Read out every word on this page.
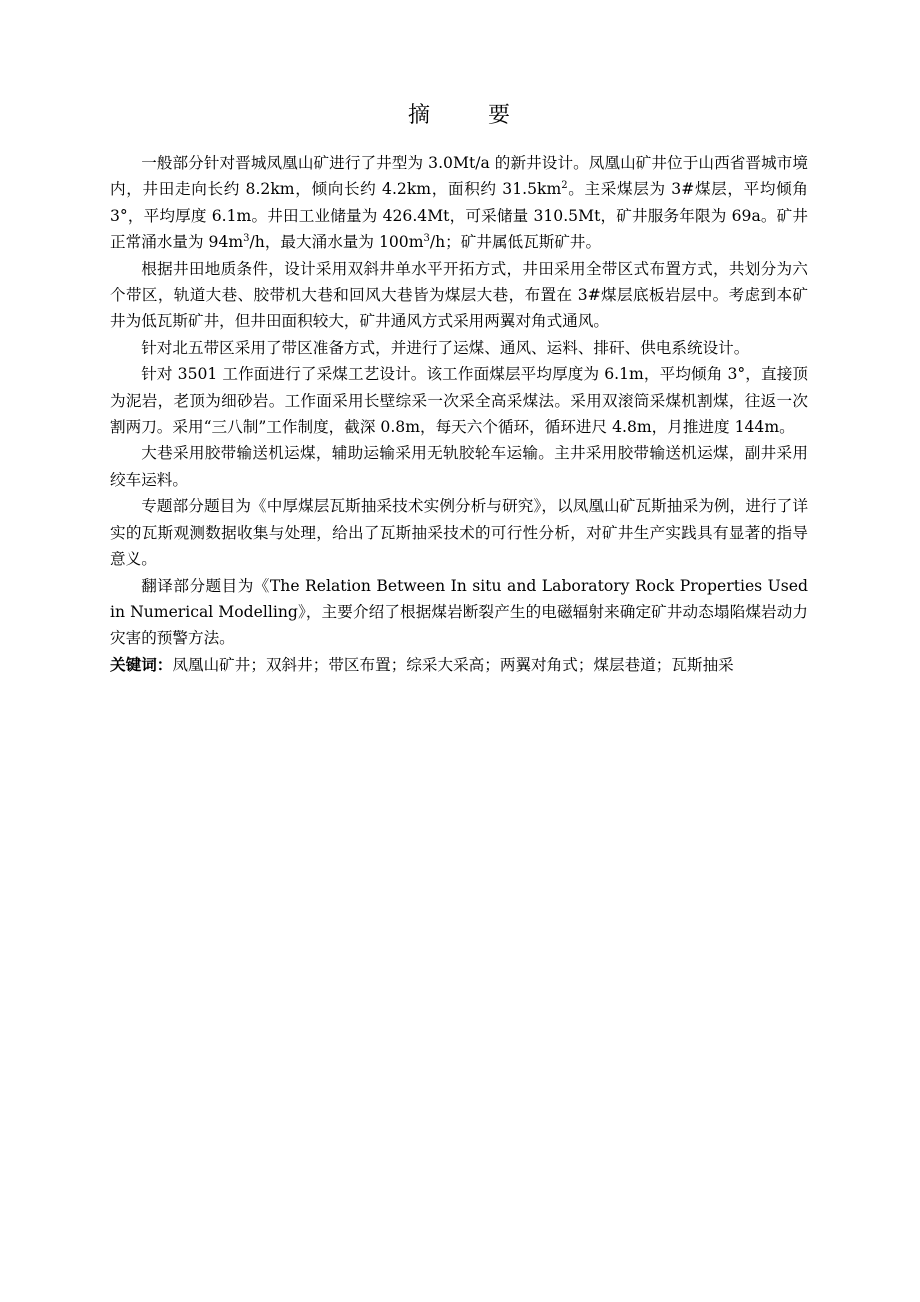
摘　要

一般部分针对晋城凤凰山矿进行了井型为 3.0Mt/a 的新井设计。凤凰山矿井位于山西省晋城市境内，井田走向长约 8.2km，倾向长约 4.2km，面积约 $31.5km^2$。主采煤层为 3#煤层，平均倾角 3°，平均厚度 6.1m。井田工业储量为 426.4Mt，可采储量 310.5Mt，矿井服务年限为 69a。矿井正常涌水量为 $94m^3/h$，最大涌水量为 $100m^3/h$；矿井属低瓦斯矿井。

根据井田地质条件，设计采用双斜井单水平开拓方式，井田采用全带区式布置方式，共划分为六个带区，轨道大巷、胶带机大巷和回风大巷皆为煤层大巷，布置在 3#煤层底板岩层中。考虑到本矿井为低瓦斯矿井，但井田面积较大，矿井通风方式采用两翼对角式通风。

针对北五带区采用了带区准备方式，并进行了运煤、通风、运料、排矸、供电系统设计。

针对 3501 工作面进行了采煤工艺设计。该工作面煤层平均厚度为 6.1m，平均倾角 3°，直接顶为泥岩，老顶为细砂岩。工作面采用长壁综采一次采全高采煤法。采用双滚筒采煤机割煤，往返一次割两刀。采用“三八制”工作制度，截深 0.8m，每天六个循环，循环进尺 4.8m，月推进度 144m。

大巷采用胶带输送机运煤，辅助运输采用无轨胶轮车运输。主井采用胶带输送机运煤，副井采用绞车运料。

专题部分题目为《中厚煤层瓦斯抽采技术实例分析与研究》，以凤凰山矿瓦斯抽采为例，进行了详实的瓦斯观测数据收集与处理，给出了瓦斯抽采技术的可行性分析，对矿井生产实践具有显著的指导意义。

翻译部分题目为《The Relation Between In situ and Laboratory Rock Properties Used in Numerical Modelling》，主要介绍了根据煤岩断裂产生的电磁辐射来确定矿井动态塌陷煤岩动力灾害的预警方法。

关键词：凤凰山矿井；双斜井；带区布置；综采大采高；两翼对角式；煤层巷道；瓦斯抽采
